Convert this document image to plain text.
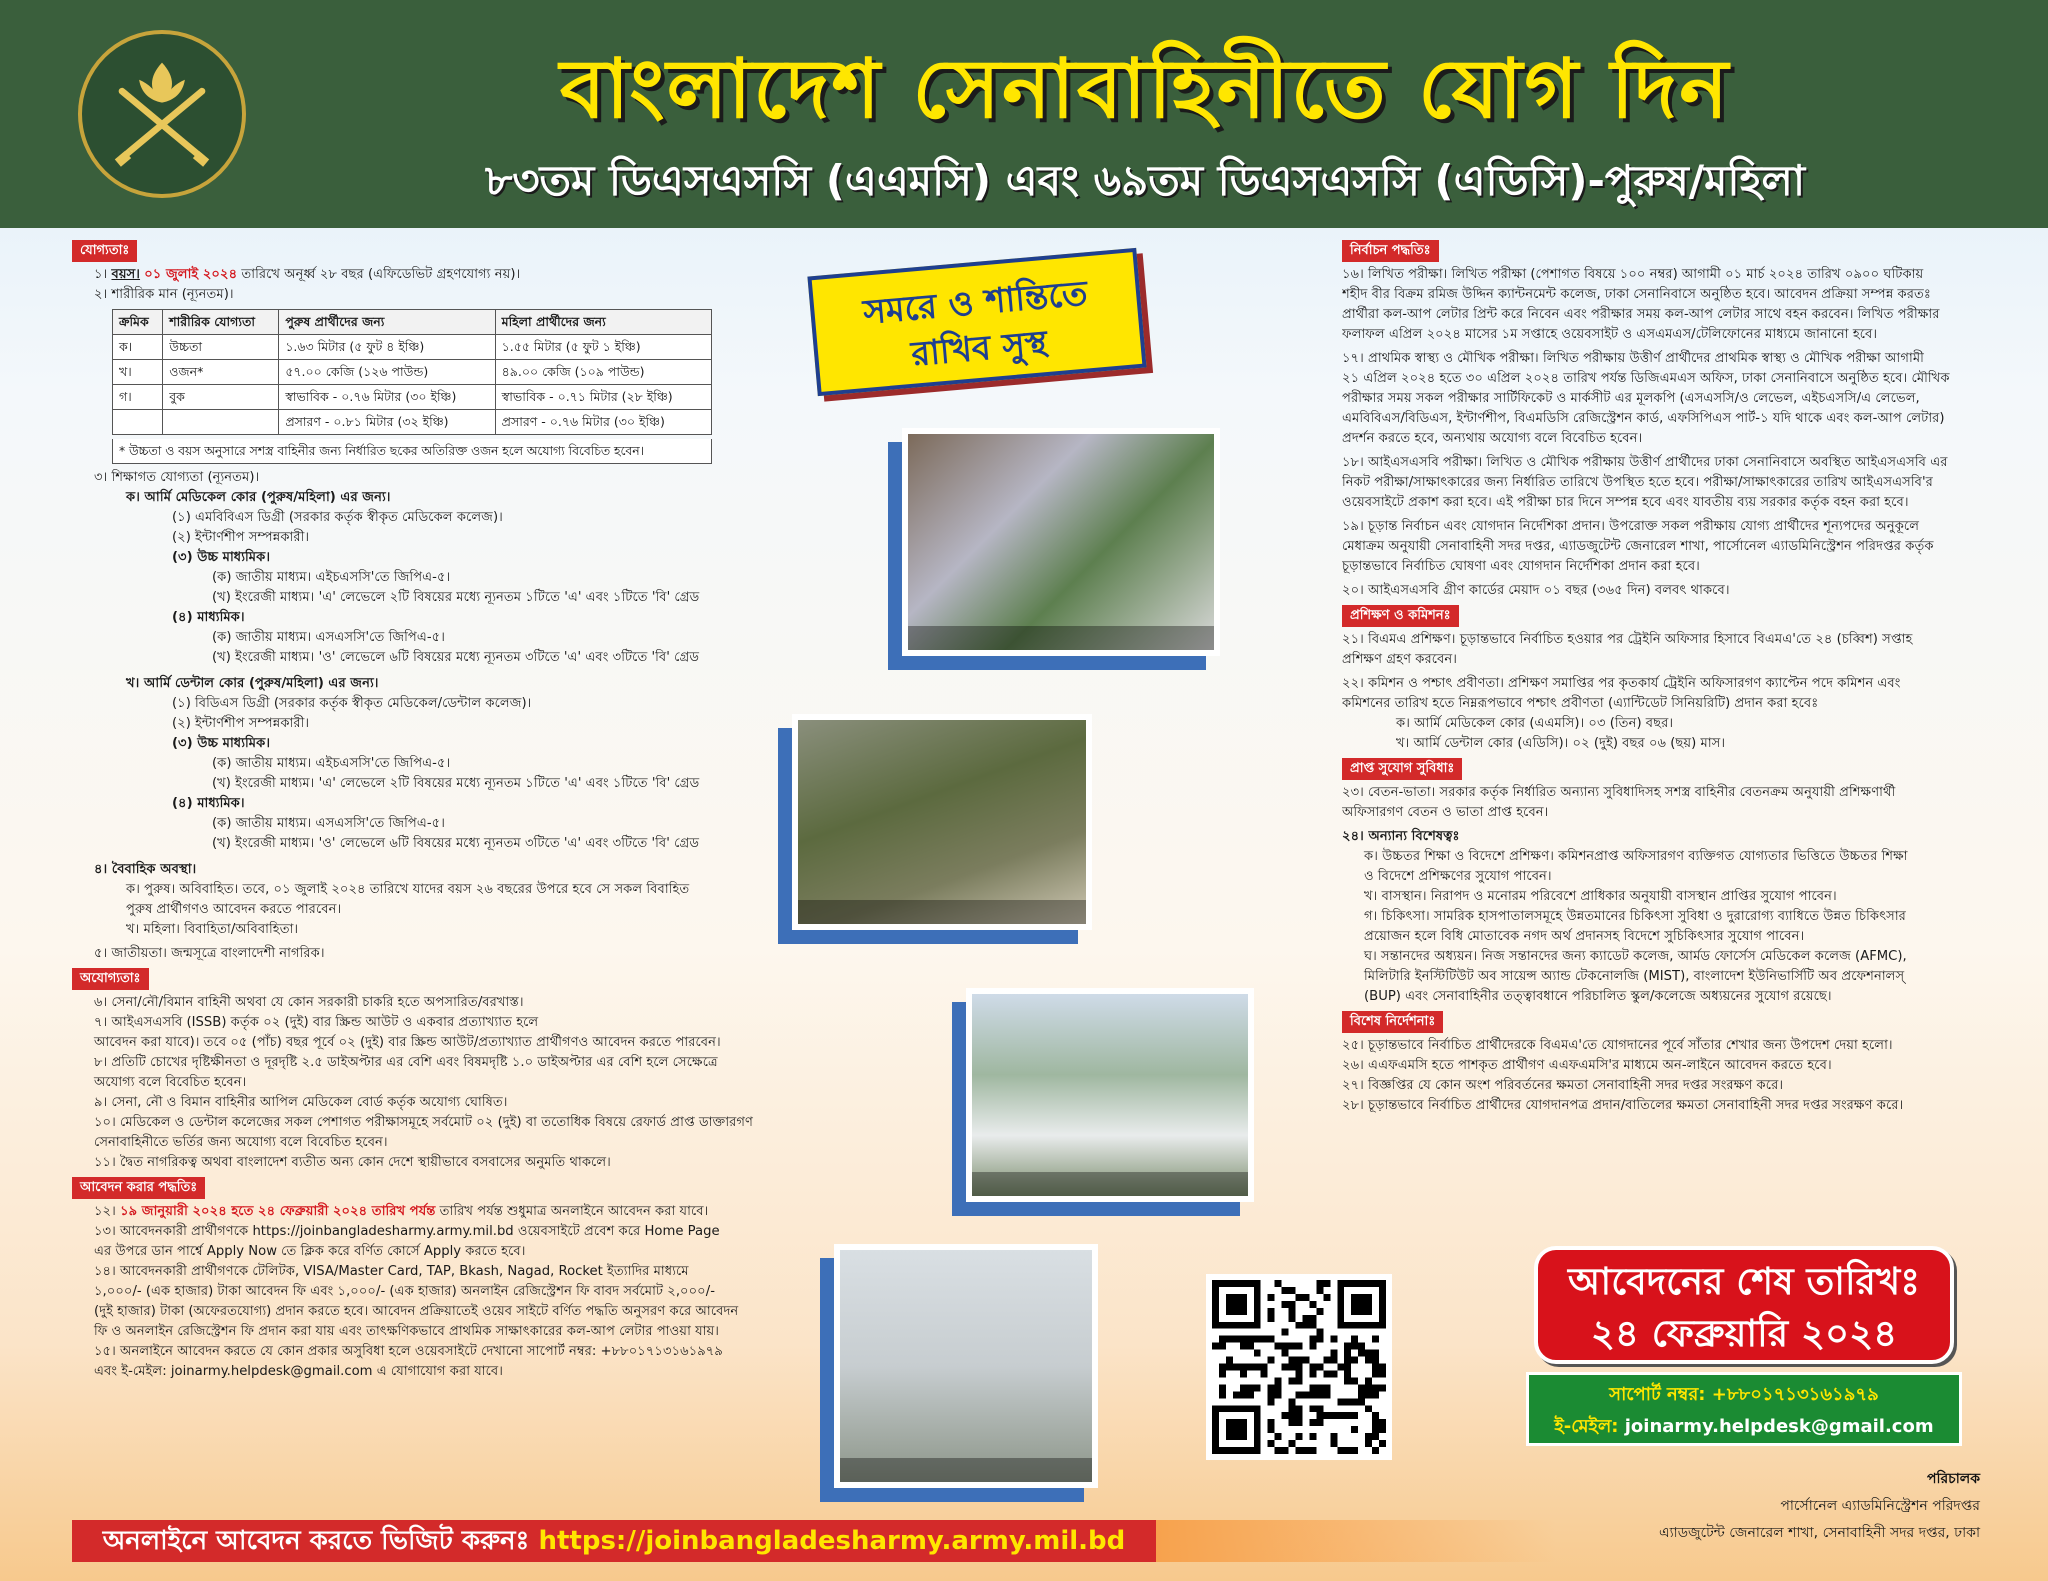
বাংলাদেশ সেনাবাহিনীতে যোগ দিন
৮৩তম ডিএসএসসি (এএমসি) এবং ৬৯তম ডিএসএসসি (এডিসি)-পুরুষ/মহিলা
যোগ্যতাঃ
১। বয়স। ০১ জুলাই ২০২৪ তারিখে অনূর্ধ্ব ২৮ বছর (এফিডেভিট গ্রহণযোগ্য নয়)।
২। শারীরিক মান (ন্যূনতম)।
ক্রমিক	শারীরিক যোগ্যতা	পুরুষ প্রার্থীদের জন্য	মহিলা প্রার্থীদের জন্য
ক।	উচ্চতা	১.৬৩ মিটার (৫ ফুট ৪ ইঞ্চি)	১.৫৫ মিটার (৫ ফুট ১ ইঞ্চি)
খ।	ওজন*	৫৭.০০ কেজি (১২৬ পাউন্ড)	৪৯.০০ কেজি (১০৯ পাউন্ড)
গ।	বুক	স্বাভাবিক - ০.৭৬ মিটার (৩০ ইঞ্চি)	স্বাভাবিক - ০.৭১ মিটার (২৮ ইঞ্চি)
		প্রসারণ - ০.৮১ মিটার (৩২ ইঞ্চি)	প্রসারণ - ০.৭৬ মিটার (৩০ ইঞ্চি)
* উচ্চতা ও বয়স অনুসারে সশস্ত্র বাহিনীর জন্য নির্ধারিত ছকের অতিরিক্ত ওজন হলে অযোগ্য বিবেচিত হবেন।
৩। শিক্ষাগত যোগ্যতা (ন্যূনতম)।
ক। আর্মি মেডিকেল কোর (পুরুষ/মহিলা) এর জন্য।
(১) এমবিবিএস ডিগ্রী (সরকার কর্তৃক স্বীকৃত মেডিকেল কলেজ)।
(২) ইন্টার্ণশীপ সম্পন্নকারী।
(৩) উচ্চ মাধ্যমিক।
(ক) জাতীয় মাধ্যম। এইচএসসি'তে জিপিএ-৫।
(খ) ইংরেজী মাধ্যম। 'এ' লেভেলে ২টি বিষয়ের মধ্যে ন্যূনতম ১টিতে 'এ' এবং ১টিতে 'বি' গ্রেড
(৪) মাধ্যমিক।
(ক) জাতীয় মাধ্যম। এসএসসি'তে জিপিএ-৫।
(খ) ইংরেজী মাধ্যম। 'ও' লেভেলে ৬টি বিষয়ের মধ্যে ন্যূনতম ৩টিতে 'এ' এবং ৩টিতে 'বি' গ্রেড
খ। আর্মি ডেন্টাল কোর (পুরুষ/মহিলা) এর জন্য।
(১) বিডিএস ডিগ্রী (সরকার কর্তৃক স্বীকৃত মেডিকেল/ডেন্টাল কলেজ)।
(২) ইন্টার্ণশীপ সম্পন্নকারী।
(৩) উচ্চ মাধ্যমিক।
(ক) জাতীয় মাধ্যম। এইচএসসি'তে জিপিএ-৫।
(খ) ইংরেজী মাধ্যম। 'এ' লেভেলে ২টি বিষয়ের মধ্যে ন্যূনতম ১টিতে 'এ' এবং ১টিতে 'বি' গ্রেড
(৪) মাধ্যমিক।
(ক) জাতীয় মাধ্যম। এসএসসি'তে জিপিএ-৫।
(খ) ইংরেজী মাধ্যম। 'ও' লেভেলে ৬টি বিষয়ের মধ্যে ন্যূনতম ৩টিতে 'এ' এবং ৩টিতে 'বি' গ্রেড
৪। বৈবাহিক অবস্থা।
ক। পুরুষ। অবিবাহিত। তবে, ০১ জুলাই ২০২৪ তারিখে যাদের বয়স ২৬ বছরের উপরে হবে সে সকল বিবাহিত
পুরুষ প্রার্থীগণও আবেদন করতে পারবেন।
খ। মহিলা। বিবাহিতা/অবিবাহিতা।
৫। জাতীয়তা। জন্মসূত্রে বাংলাদেশী নাগরিক।
অযোগ্যতাঃ
৬। সেনা/নৌ/বিমান বাহিনী অথবা যে কোন সরকারী চাকরি হতে অপসারিত/বরখাস্ত।
৭। আইএসএসবি (ISSB) কর্তৃক ০২ (দুই) বার স্ক্রিন্ড আউট ও একবার প্রত্যাখ্যাত হলে
আবেদন করা যাবে)। তবে ০৫ (পাঁচ) বছর পূর্বে ০২ (দুই) বার স্ক্রিন্ড আউট/প্রত্যাখ্যাত প্রার্থীগণও আবেদন করতে পারবেন।
৮। প্রতিটি চোখের দৃষ্টিক্ষীনতা ও দূরদৃষ্টি ২.৫ ডাইঅপ্টার এর বেশি এবং বিষমদৃষ্টি ১.০ ডাইঅপ্টার এর বেশি হলে সেক্ষেত্রে
অযোগ্য বলে বিবেচিত হবেন।
৯। সেনা, নৌ ও বিমান বাহিনীর আপিল মেডিকেল বোর্ড কর্তৃক অযোগ্য ঘোষিত।
১০। মেডিকেল ও ডেন্টাল কলেজের সকল পেশাগত পরীক্ষাসমূহে সর্বমোট ০২ (দুই) বা ততোধিক বিষয়ে রেফার্ড প্রাপ্ত ডাক্তারগণ
সেনাবাহিনীতে ভর্তির জন্য অযোগ্য বলে বিবেচিত হবেন।
১১। দ্বৈত নাগরিকত্ব অথবা বাংলাদেশ ব্যতীত অন্য কোন দেশে স্থায়ীভাবে বসবাসের অনুমতি থাকলে।
আবেদন করার পদ্ধতিঃ
১২। ১৯ জানুয়ারী ২০২৪ হতে ২৪ ফেব্রুয়ারী ২০২৪ তারিখ পর্যন্ত তারিখ পর্যন্ত শুধুমাত্র অনলাইনে আবেদন করা যাবে।
১৩। আবেদনকারী প্রার্থীগণকে https://joinbangladesharmy.army.mil.bd ওয়েবসাইটে প্রবেশ করে Home Page
এর উপরে ডান পার্শ্বে Apply Now তে ক্লিক করে বর্ণিত কোর্সে Apply করতে হবে।
১৪। আবেদনকারী প্রার্থীগণকে টেলিটক, VISA/Master Card, TAP, Bkash, Nagad, Rocket ইত্যাদির মাধ্যমে
১,০০০/- (এক হাজার) টাকা আবেদন ফি এবং ১,০০০/- (এক হাজার) অনলাইন রেজিস্ট্রেশন ফি বাবদ সর্বমোট ২,০০০/-
(দুই হাজার) টাকা (অফেরতযোগ্য) প্রদান করতে হবে। আবেদন প্রক্রিয়াতেই ওয়েব সাইটে বর্ণিত পদ্ধতি অনুসরণ করে আবেদন
ফি ও অনলাইন রেজিস্ট্রেশন ফি প্রদান করা যায় এবং তাৎক্ষণিকভাবে প্রাথমিক সাক্ষাৎকারের কল-আপ লেটার পাওয়া যায়।
১৫। অনলাইনে আবেদন করতে যে কোন প্রকার অসুবিধা হলে ওয়েবসাইটে দেখানো সাপোর্ট নম্বর: +৮৮০১৭১৩১৬১৯৭৯
এবং ই-মেইল: joinarmy.helpdesk@gmail.com এ যোগাযোগ করা যাবে।
সমরে ও শান্তিতে
রাখিব সুস্থ
নির্বাচন পদ্ধতিঃ
১৬। লিখিত পরীক্ষা। লিখিত পরীক্ষা (পেশাগত বিষয়ে ১০০ নম্বর) আগামী ০১ মার্চ ২০২৪ তারিখ ০৯০০ ঘটিকায়
শহীদ বীর বিক্রম রমিজ উদ্দিন ক্যান্টনমেন্ট কলেজ, ঢাকা সেনানিবাসে অনুষ্ঠিত হবে। আবেদন প্রক্রিয়া সম্পন্ন করতঃ
প্রার্থীরা কল-আপ লেটার প্রিন্ট করে নিবেন এবং পরীক্ষার সময় কল-আপ লেটার সাথে বহন করবেন। লিখিত পরীক্ষার
ফলাফল এপ্রিল ২০২৪ মাসের ১ম সপ্তাহে ওয়েবসাইট ও এসএমএস/টেলিফোনের মাধ্যমে জানানো হবে।
১৭। প্রাথমিক স্বাস্থ্য ও মৌখিক পরীক্ষা। লিখিত পরীক্ষায় উত্তীর্ণ প্রার্থীদের প্রাথমিক স্বাস্থ্য ও মৌখিক পরীক্ষা আগামী
২১ এপ্রিল ২০২৪ হতে ৩০ এপ্রিল ২০২৪ তারিখ পর্যন্ত ডিজিএমএস অফিস, ঢাকা সেনানিবাসে অনুষ্ঠিত হবে। মৌখিক
পরীক্ষার সময় সকল পরীক্ষার সার্টিফিকেট ও মার্কসীট এর মূলকপি (এসএসসি/ও লেভেল, এইচএসসি/এ লেভেল,
এমবিবিএস/বিডিএস, ইন্টার্ণশীপ, বিএমডিসি রেজিস্ট্রেশন কার্ড, এফসিপিএস পার্ট-১ যদি থাকে এবং কল-আপ লেটার)
প্রদর্শন করতে হবে, অন্যথায় অযোগ্য বলে বিবেচিত হবেন।
১৮। আইএসএসবি পরীক্ষা। লিখিত ও মৌখিক পরীক্ষায় উত্তীর্ণ প্রার্থীদের ঢাকা সেনানিবাসে অবস্থিত আইএসএসবি এর
নিকট পরীক্ষা/সাক্ষাৎকারের জন্য নির্ধারিত তারিখে উপস্থিত হতে হবে। পরীক্ষা/সাক্ষাৎকারের তারিখ আইএসএসবি'র
ওয়েবসাইটে প্রকাশ করা হবে। এই পরীক্ষা চার দিনে সম্পন্ন হবে এবং যাবতীয় ব্যয় সরকার কর্তৃক বহন করা হবে।
১৯। চূড়ান্ত নির্বাচন এবং যোগদান নির্দেশিকা প্রদান। উপরোক্ত সকল পরীক্ষায় যোগ্য প্রার্থীদের শূন্যপদের অনুকূলে
মেধাক্রম অনুযায়ী সেনাবাহিনী সদর দপ্তর, এ্যাডজুটেন্ট জেনারেল শাখা, পার্সোনেল এ্যাডমিনিস্ট্রেশন পরিদপ্তর কর্তৃক
চূড়ান্তভাবে নির্বাচিত ঘোষণা এবং যোগদান নির্দেশিকা প্রদান করা হবে।
২০। আইএসএসবি গ্রীণ কার্ডের মেয়াদ ০১ বছর (৩৬৫ দিন) বলবৎ থাকবে।
প্রশিক্ষণ ও কমিশনঃ
২১। বিএমএ প্রশিক্ষণ। চূড়ান্তভাবে নির্বাচিত হওয়ার পর ট্রেইনি অফিসার হিসাবে বিএমএ'তে ২৪ (চব্বিশ) সপ্তাহ
প্রশিক্ষণ গ্রহণ করবেন।
২২। কমিশন ও পশ্চাৎ প্রবীণতা। প্রশিক্ষণ সমাপ্তির পর কৃতকার্য ট্রেইনি অফিসারগণ ক্যাপ্টেন পদে কমিশন এবং
কমিশনের তারিখ হতে নিম্নরূপভাবে পশ্চাৎ প্রবীণতা (এ্যান্টিডেট সিনিয়রিটি) প্রদান করা হবেঃ
ক। আর্মি মেডিকেল কোর (এএমসি)। ০৩ (তিন) বছর।
খ। আর্মি ডেন্টাল কোর (এডিসি)। ০২ (দুই) বছর ০৬ (ছয়) মাস।
প্রাপ্ত সুযোগ সুবিধাঃ
২৩। বেতন-ভাতা। সরকার কর্তৃক নির্ধারিত অন্যান্য সুবিধাদিসহ সশস্ত্র বাহিনীর বেতনক্রম অনুযায়ী প্রশিক্ষণার্থী
অফিসারগণ বেতন ও ভাতা প্রাপ্ত হবেন।
২৪। অন্যান্য বিশেষত্বঃ
ক। উচ্চতর শিক্ষা ও বিদেশে প্রশিক্ষণ। কমিশনপ্রাপ্ত অফিসারগণ ব্যক্তিগত যোগ্যতার ভিত্তিতে উচ্চতর শিক্ষা
ও বিদেশে প্রশিক্ষণের সুযোগ পাবেন।
খ। বাসস্থান। নিরাপদ ও মনোরম পরিবেশে প্রাধিকার অনুযায়ী বাসস্থান প্রাপ্তির সুযোগ পাবেন।
গ। চিকিৎসা। সামরিক হাসপাতালসমূহে উন্নতমানের চিকিৎসা সুবিধা ও দুরারোগ্য ব্যাধিতে উন্নত চিকিৎসার
প্রয়োজন হলে বিধি মোতাবেক নগদ অর্থ প্রদানসহ বিদেশে সুচিকিৎসার সুযোগ পাবেন।
ঘ। সন্তানদের অধ্যয়ন। নিজ সন্তানদের জন্য ক্যাডেট কলেজ, আর্মড ফোর্সেস মেডিকেল কলেজ (AFMC),
মিলিটারি ইনস্টিটিউট অব সায়েন্স অ্যান্ড টেকনোলজি (MIST), বাংলাদেশ ইউনিভার্সিটি অব প্রফেশনালস্
(BUP) এবং সেনাবাহিনীর তত্ত্বাবধানে পরিচালিত স্কুল/কলেজে অধ্যয়নের সুযোগ রয়েছে।
বিশেষ নির্দেশনাঃ
২৫। চূড়ান্তভাবে নির্বাচিত প্রার্থীদেরকে বিএমএ'তে যোগদানের পূর্বে সাঁতার শেখার জন্য উপদেশ দেয়া হলো।
২৬। এএফএমসি হতে পাশকৃত প্রার্থীগণ এএফএমসি'র মাধ্যমে অন-লাইনে আবেদন করতে হবে।
২৭। বিজ্ঞপ্তির যে কোন অংশ পরিবর্তনের ক্ষমতা সেনাবাহিনী সদর দপ্তর সংরক্ষণ করে।
২৮। চূড়ান্তভাবে নির্বাচিত প্রার্থীদের যোগদানপত্র প্রদান/বাতিলের ক্ষমতা সেনাবাহিনী সদর দপ্তর সংরক্ষণ করে।
আবেদনের শেষ তারিখঃ
২৪ ফেব্রুয়ারি ২০২৪
সাপোর্ট নম্বর: +৮৮০১৭১৩১৬১৯৭৯
ই-মেইল: joinarmy.helpdesk@gmail.com
পরিচালক
পার্সোনেল এ্যাডমিনিস্ট্রেশন পরিদপ্তর
এ্যাডজুটেন্ট জেনারেল শাখা, সেনাবাহিনী সদর দপ্তর, ঢাকা
অনলাইনে আবেদন করতে ভিজিট করুনঃ https://joinbangladesharmy.army.mil.bd
